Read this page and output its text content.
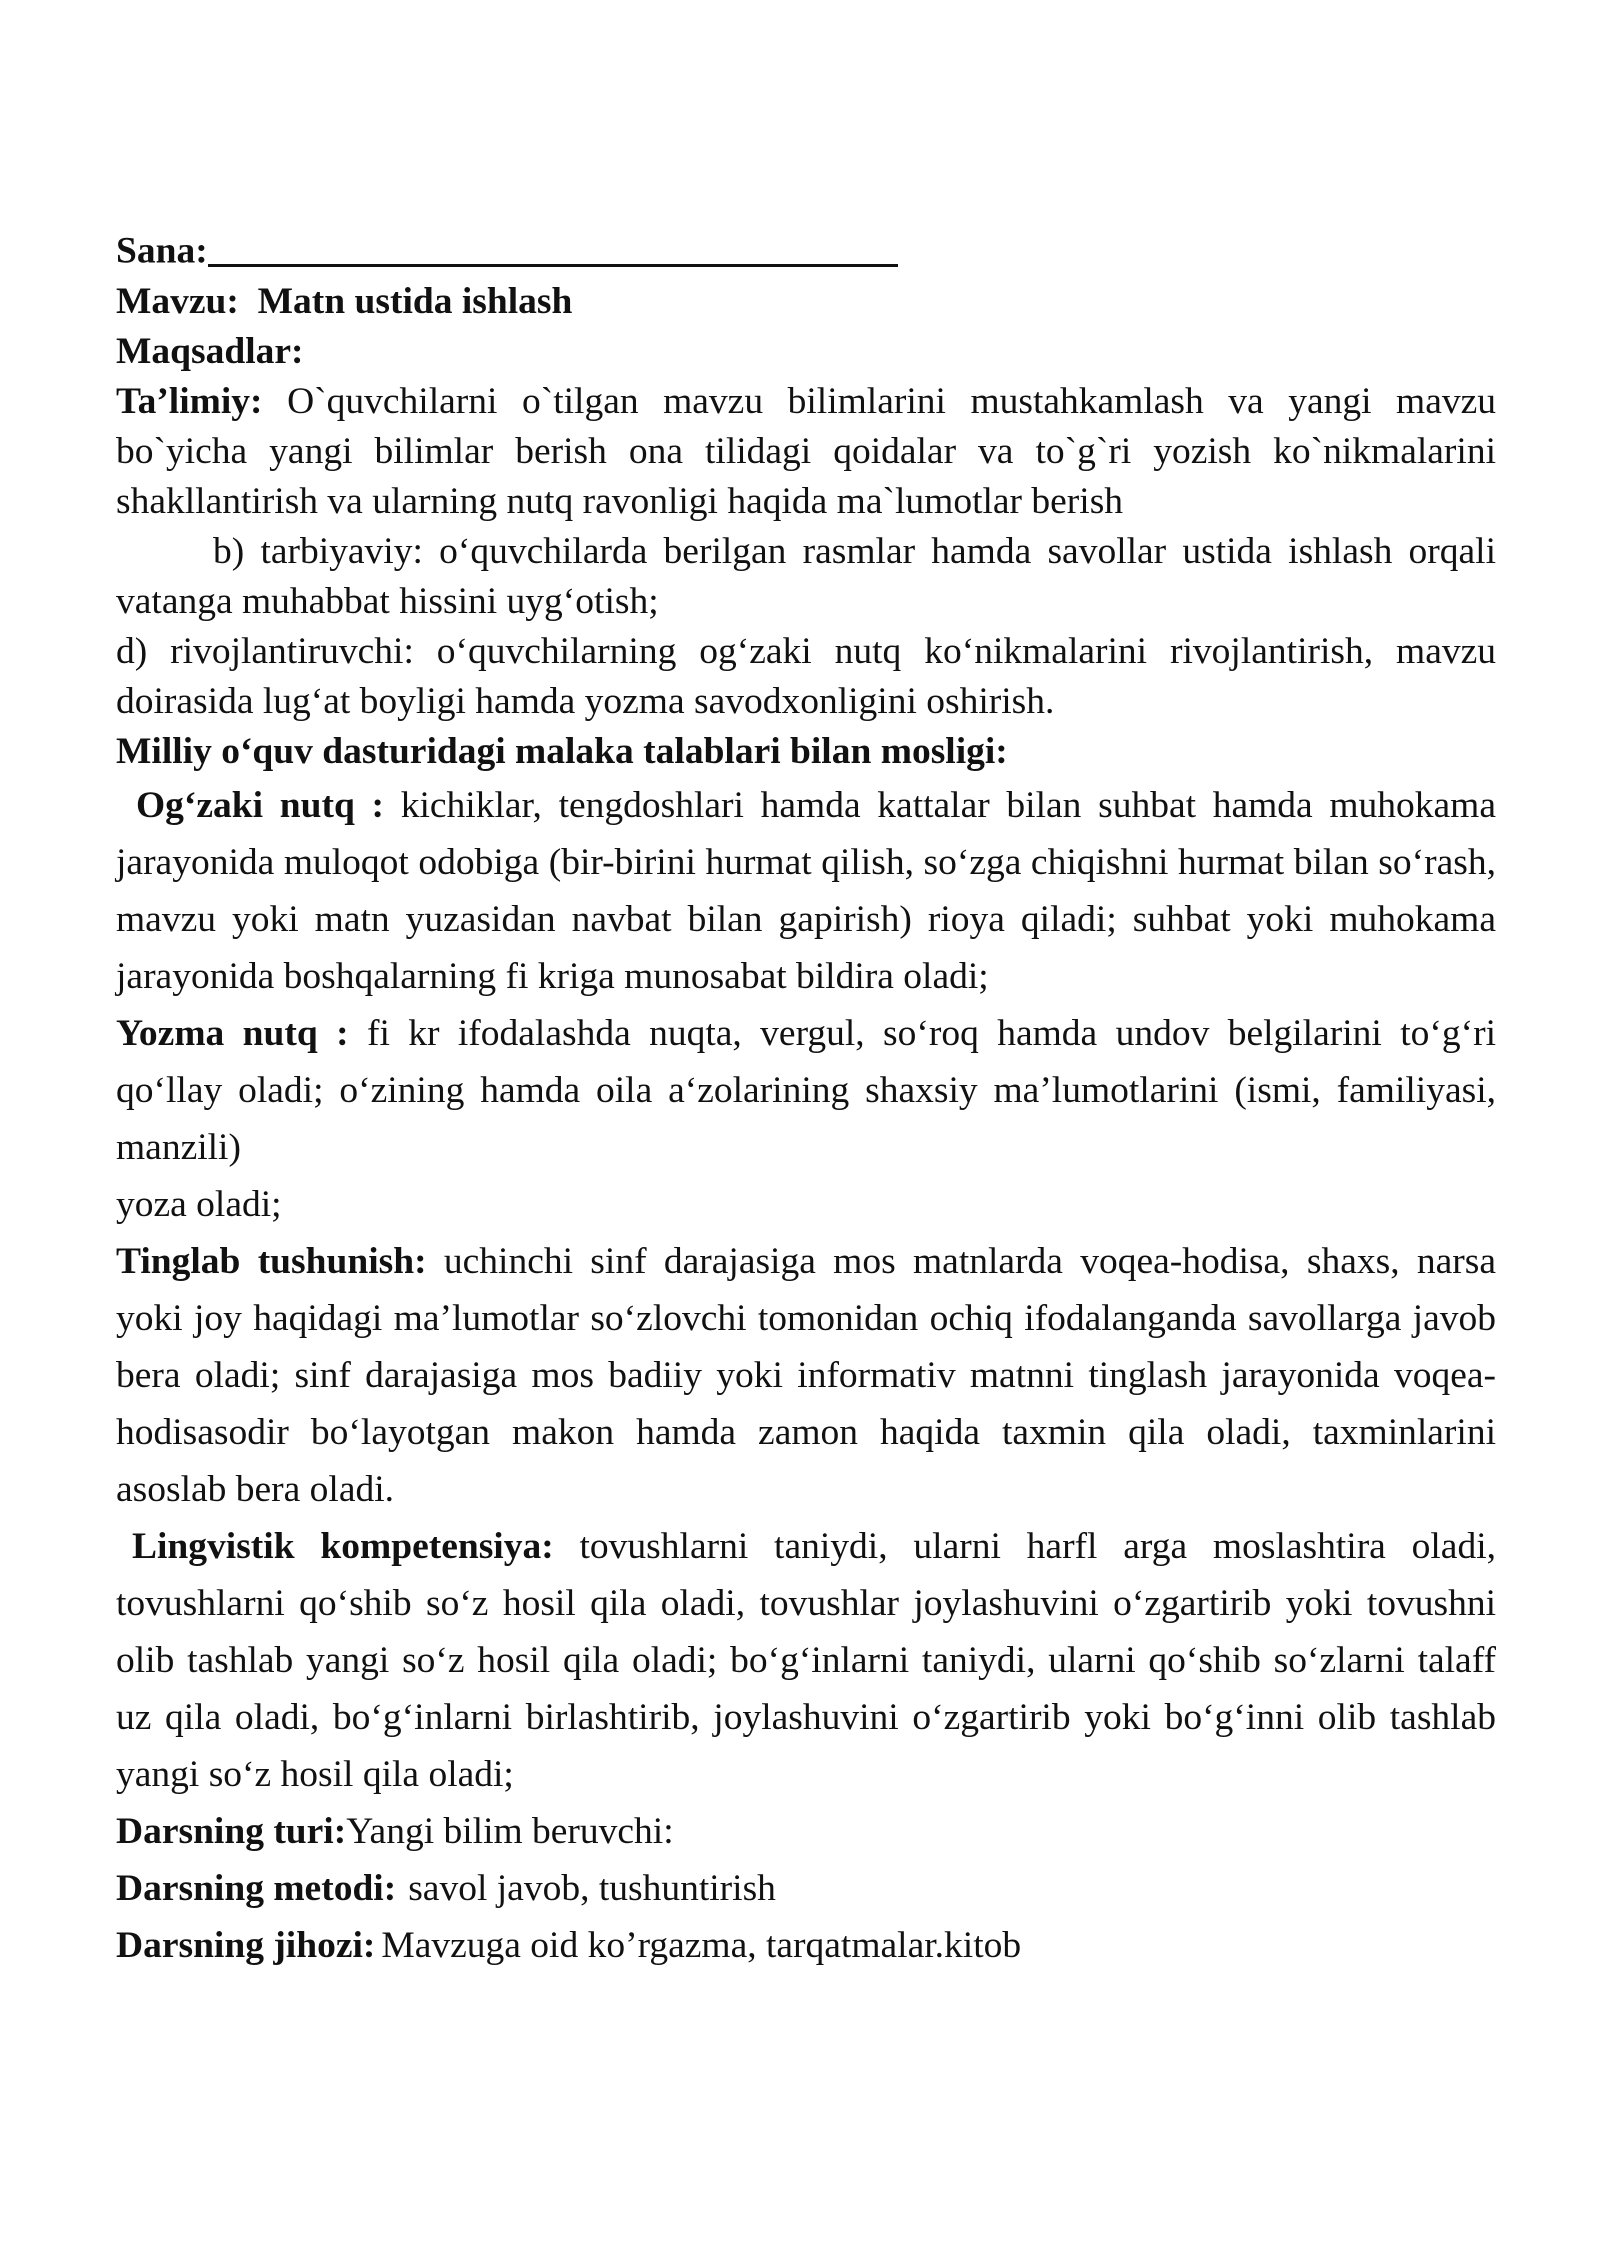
Sana:

Mavzu: Matn ustida ishlash

Maqsadlar:

Ta’limiy: O`quvchilarni o`tilgan mavzu bilimlarini mustahkamlash va yangi mavzu bo`yicha yangi bilimlar berish ona tilidagi qoidalar va to`g`ri yozish ko`nikmalarini shakllantirish va ularning nutq ravonligi haqida ma`lumotlar berish

b) tarbiyaviy: o‘quvchilarda berilgan rasmlar hamda savollar ustida ishlash orqali vatanga muhabbat hissini uyg‘otish;

d) rivojlantiruvchi: o‘quvchilarning og‘zaki nutq ko‘nikmalarini rivojlantirish, mavzu doirasida lug‘at boyligi hamda yozma savodxonligini oshirish.

Milliy o‘quv dasturidagi malaka talablari bilan mosligi:

Og‘zaki nutq : kichiklar, tengdoshlari hamda kattalar bilan suhbat hamda muhokama jarayonida muloqot odobiga (bir-birini hurmat qilish, so‘zga chiqishni hurmat bilan so‘rash, mavzu yoki matn yuzasidan navbat bilan gapirish) rioya qiladi; suhbat yoki muhokama jarayonida boshqalarning fi kriga munosabat bildira oladi;

Yozma nutq : fi kr ifodalashda nuqta, vergul, so‘roq hamda undov belgilarini to‘g‘ri qo‘llay oladi; o‘zining hamda oila a‘zolarining shaxsiy ma’lumotlarini (ismi, familiyasi, manzili)

yoza oladi;

Tinglab tushunish: uchinchi sinf darajasiga mos matnlarda voqea-hodisa, shaxs, narsa yoki joy haqidagi ma’lumotlar so‘zlovchi tomonidan ochiq ifodalanganda savollarga javob bera oladi; sinf darajasiga mos badiiy yoki informativ matnni tinglash jarayonida voqea-hodisasodir bo‘layotgan makon hamda zamon haqida taxmin qila oladi, taxminlarini asoslab bera oladi.

Lingvistik kompetensiya: tovushlarni taniydi, ularni harfl arga moslashtira oladi, tovushlarni qo‘shib so‘z hosil qila oladi, tovushlar joylashuvini o‘zgartirib yoki tovushni olib tashlab yangi so‘z hosil qila oladi; bo‘g‘inlarni taniydi, ularni qo‘shib so‘zlarni talaff uz qila oladi, bo‘g‘inlarni birlashtirib, joylashuvini o‘zgartirib yoki bo‘g‘inni olib tashlab yangi so‘z hosil qila oladi;

Darsning turi:Yangi bilim beruvchi:

Darsning metodi: savol javob, tushuntirish

Darsning jihozi: Mavzuga oid ko’rgazma, tarqatmalar.kitob
